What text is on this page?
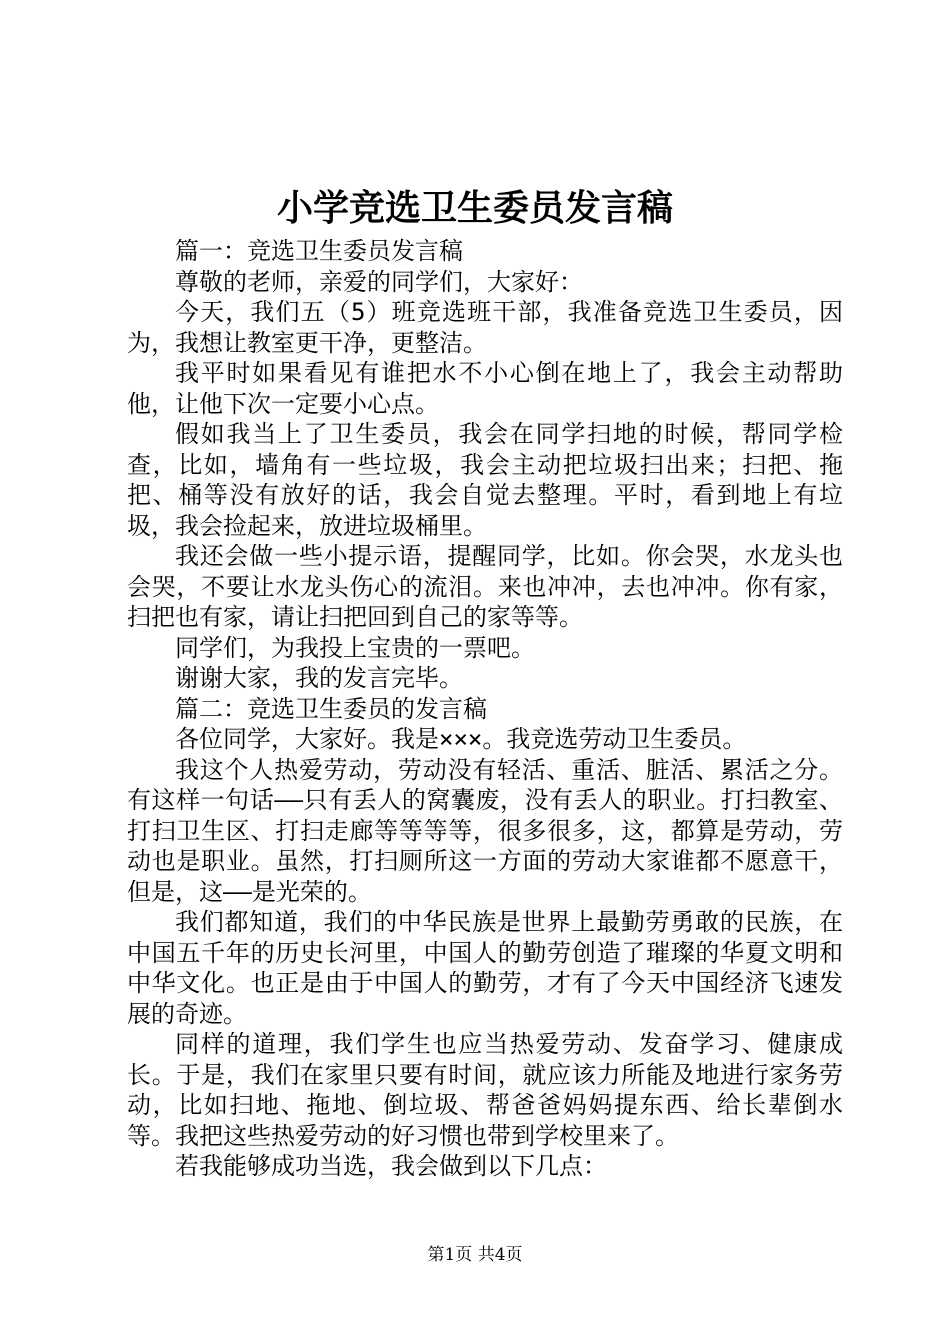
小学竞选卫生委员发言稿

篇一：竞选卫生委员发言稿

尊敬的老师，亲爱的同学们，大家好：

今天，我们五（5）班竞选班干部，我准备竞选卫生委员，因为，我想让教室更干净，更整洁。

我平时如果看见有谁把水不小心倒在地上了，我会主动帮助他，让他下次一定要小心点。

假如我当上了卫生委员，我会在同学扫地的时候，帮同学检查，比如，墙角有一些垃圾，我会主动把垃圾扫出来；扫把、拖把、桶等没有放好的话，我会自觉去整理。平时，看到地上有垃圾，我会捡起来，放进垃圾桶里。

我还会做一些小提示语，提醒同学，比如。你会哭，水龙头也会哭，不要让水龙头伤心的流泪。来也冲冲，去也冲冲。你有家，扫把也有家，请让扫把回到自己的家等等。

同学们，为我投上宝贵的一票吧。

谢谢大家，我的发言完毕。

篇二：竞选卫生委员的发言稿

各位同学，大家好。我是×××。我竞选劳动卫生委员。

我这个人热爱劳动，劳动没有轻活、重活、脏活、累活之分。有这样一句话——只有丢人的窝囊废，没有丢人的职业。打扫教室、打扫卫生区、打扫走廊等等等等，很多很多，这，都算是劳动，劳动也是职业。虽然，打扫厕所这一方面的劳动大家谁都不愿意干，但是，这——是光荣的。

我们都知道，我们的中华民族是世界上最勤劳勇敢的民族，在中国五千年的历史长河里，中国人的勤劳创造了璀璨的华夏文明和中华文化。也正是由于中国人的勤劳，才有了今天中国经济飞速发展的奇迹。

同样的道理，我们学生也应当热爱劳动、发奋学习、健康成长。于是，我们在家里只要有时间，就应该力所能及地进行家务劳动，比如扫地、拖地、倒垃圾、帮爸爸妈妈提东西、给长辈倒水等。我把这些热爱劳动的好习惯也带到学校里来了。

若我能够成功当选，我会做到以下几点：

第1页 共4页
